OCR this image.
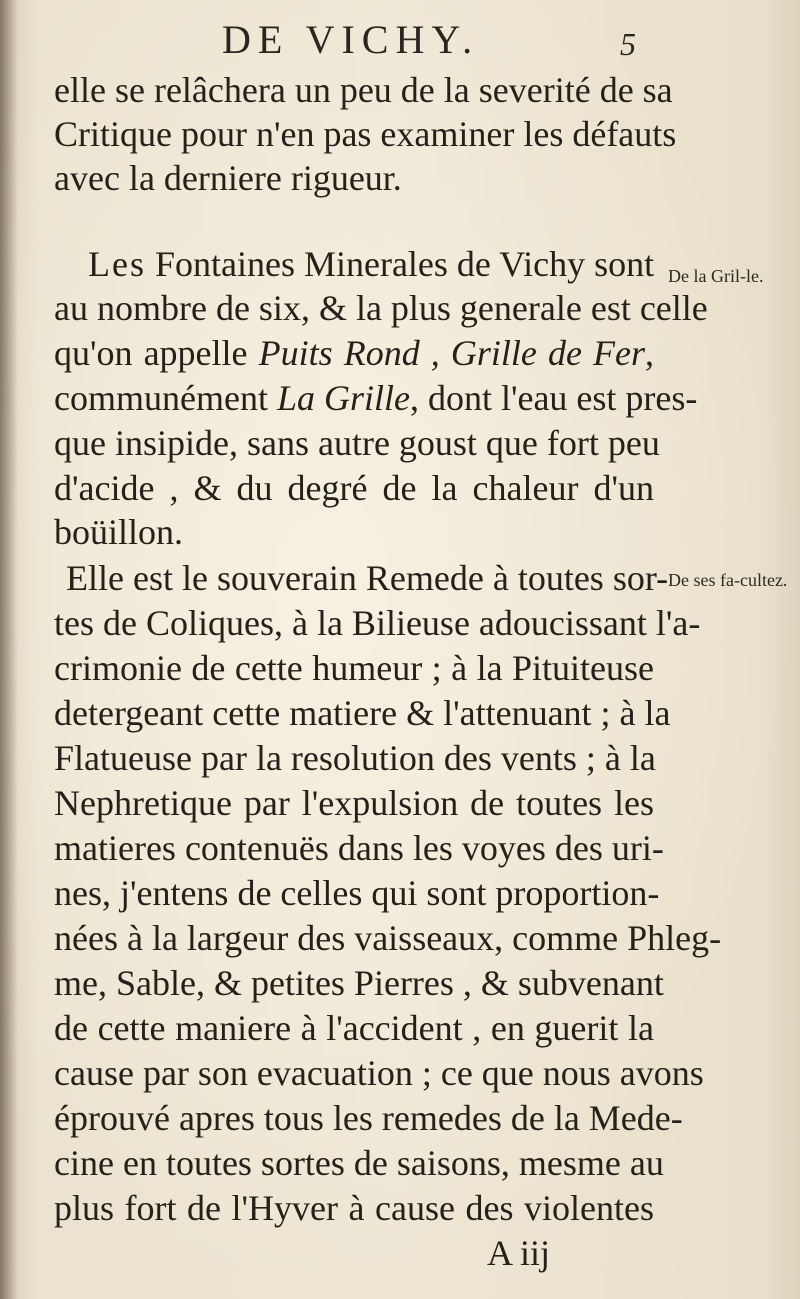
DE VICHY.	5
elle se relâchera un peu de la severité de sa
Critique pour n'en pas examiner les défauts
avec la derniere rigueur.
Les Fontaines Minerales de Vichy sont
au nombre de six, & la plus generale est celle
qu'on appelle Puits Rond , Grille de Fer,
communément La Grille, dont l'eau est pres-
que insipide, sans autre goust que fort peu
d'acide , & du degré de la chaleur d'un
boüillon.
Elle est le souverain Remede à toutes sor-
tes de Coliques, à la Bilieuse adoucissant l'a-
crimonie de cette humeur ; à la Pituiteuse
detergeant cette matiere & l'attenuant ; à la
Flatueuse par la resolution des vents ; à la
Nephretique par l'expulsion de toutes les
matieres contenuës dans les voyes des uri-
nes, j'entens de celles qui sont proportion-
nées à la largeur des vaisseaux, comme Phleg-
me, Sable, & petites Pierres , & subvenant
de cette maniere à l'accident , en guerit la
cause par son evacuation ; ce que nous avons
éprouvé apres tous les remedes de la Mede-
cine en toutes sortes de saisons, mesme au
plus fort de l'Hyver à cause des violentes
De la Gril-le.
De ses fa-cultez.
A iij
